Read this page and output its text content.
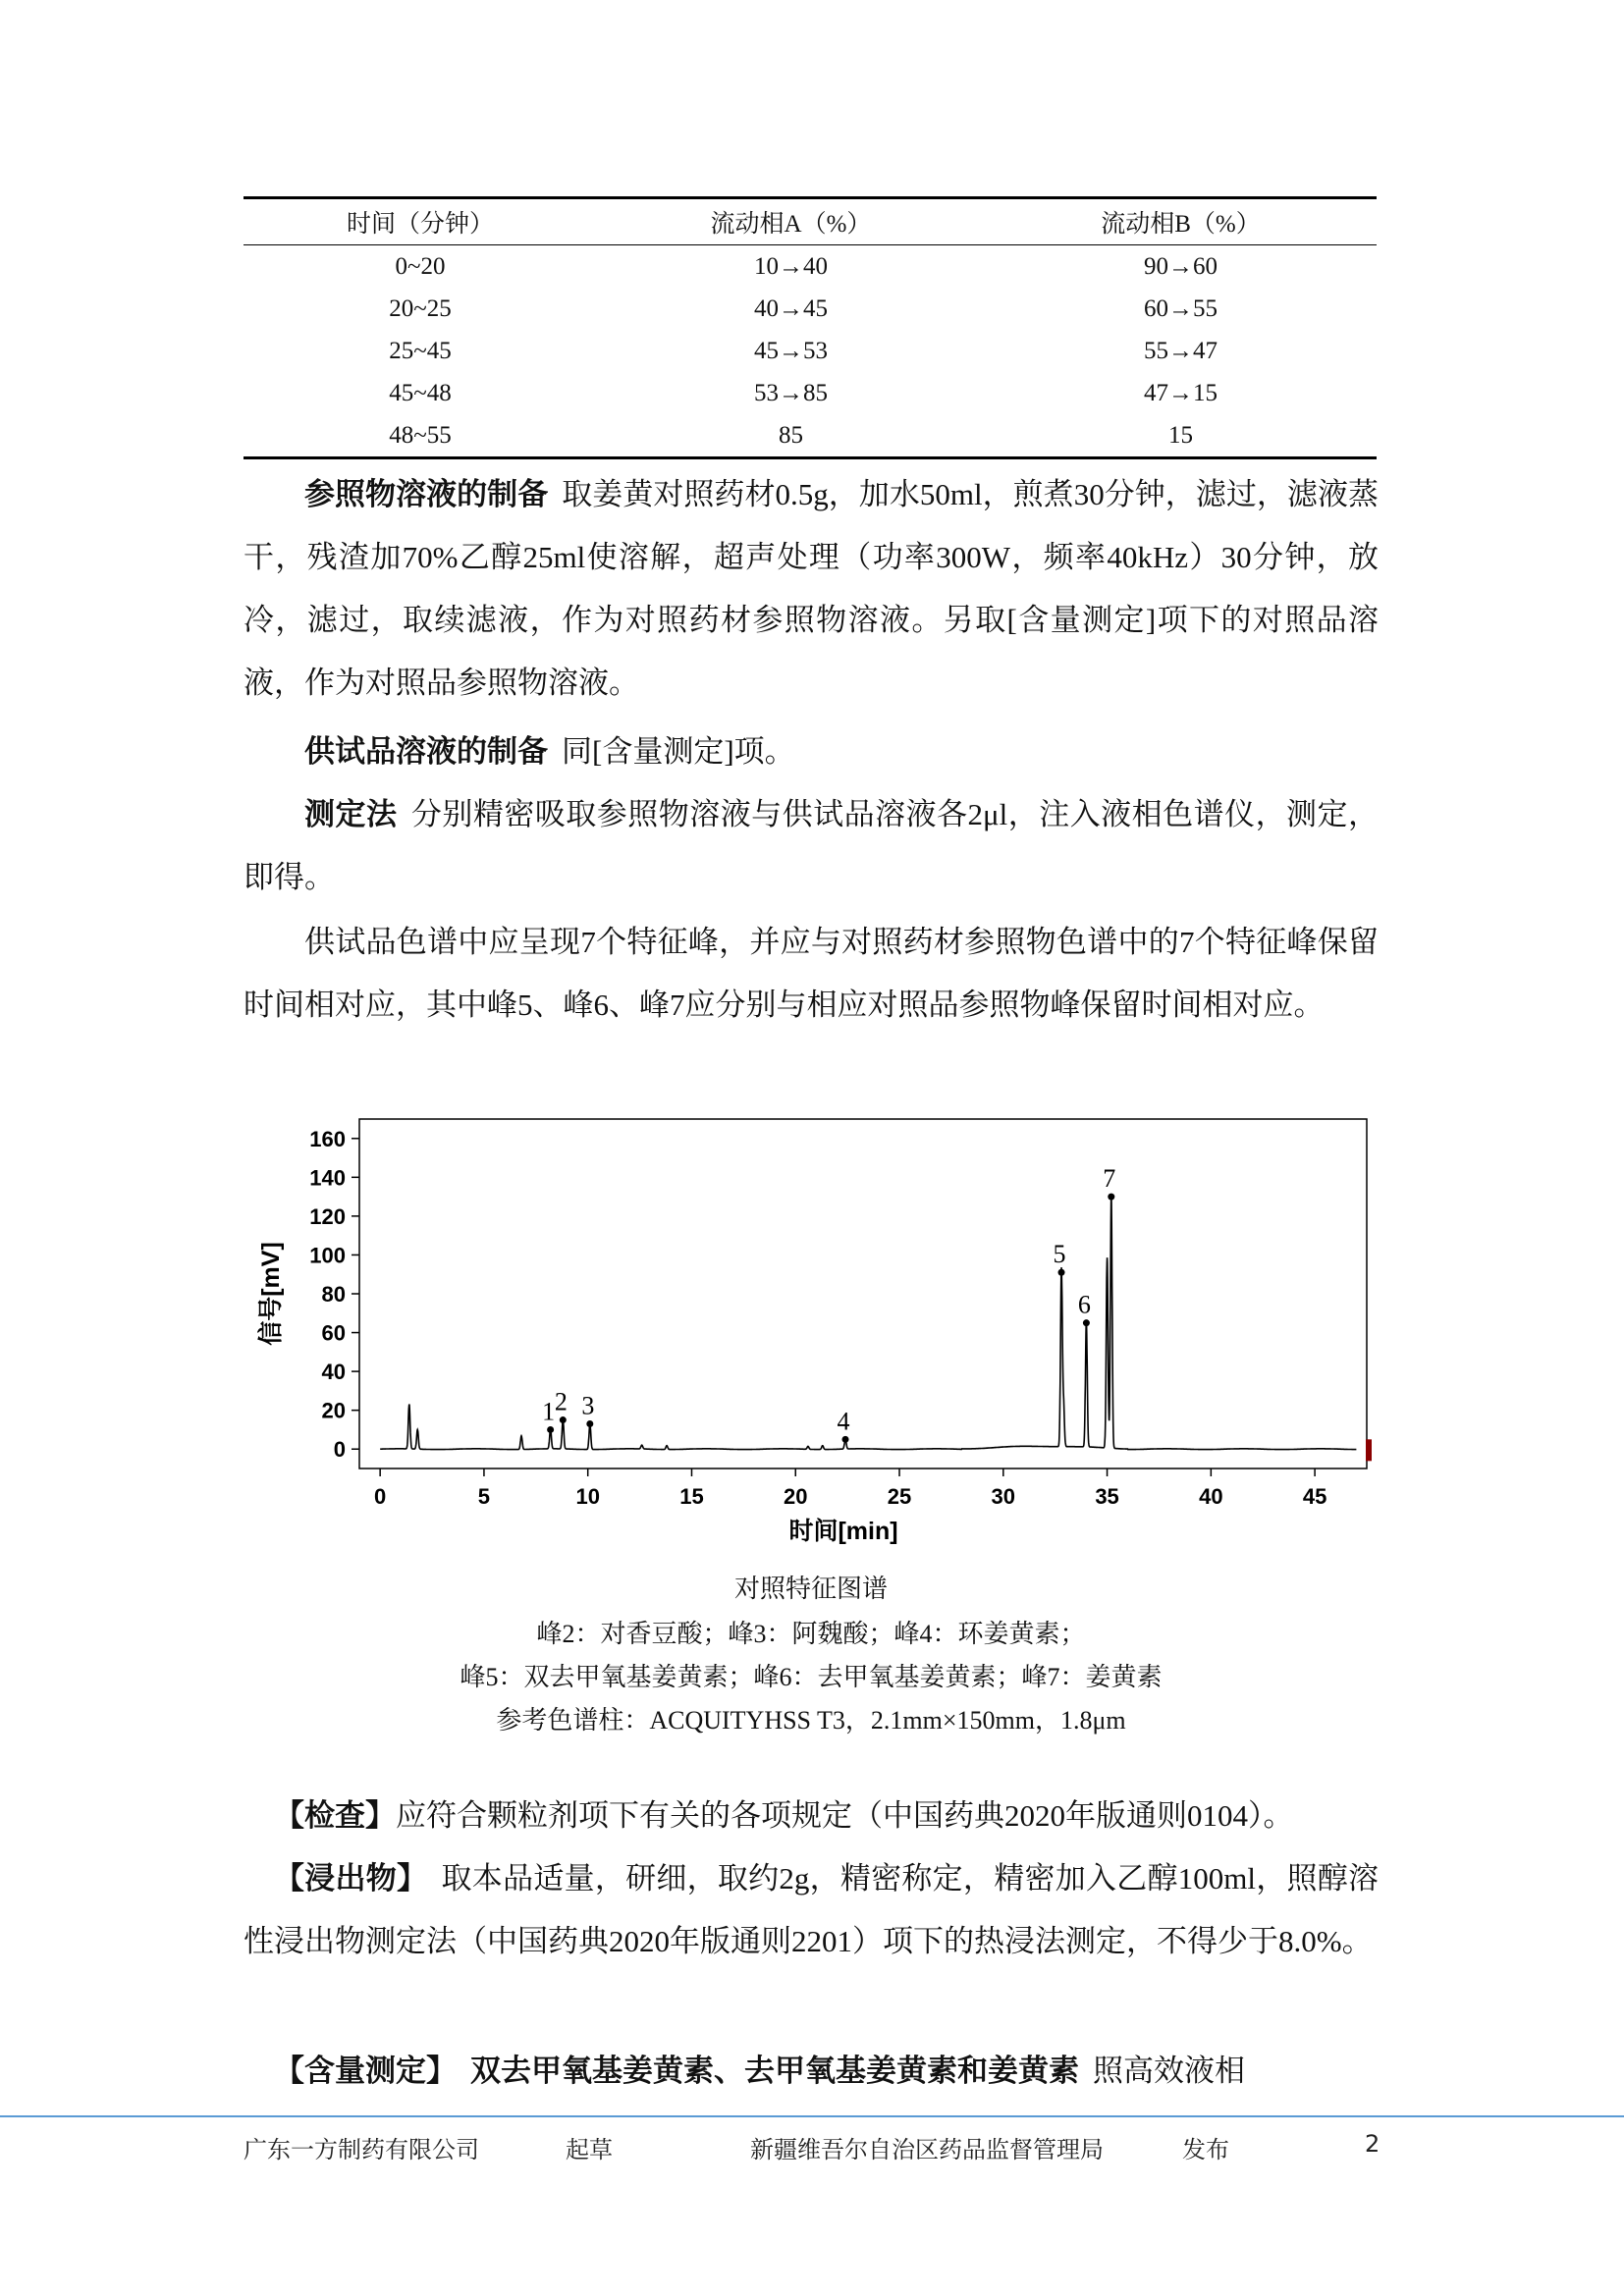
时间（分钟）	流动相A（%）	流动相B（%）
0~20	10→40	90→60
20~25	40→45	60→55
25~45	45→53	55→47
45~48	53→85	47→15
48~55	85	15
参照物溶液的制备 取姜黄对照药材0.5g，加水50ml，煎煮30分钟，滤过，滤液蒸干，残渣加70%乙醇25ml使溶解，超声处理（功率300W，频率40kHz）30分钟，放冷，滤过，取续滤液，作为对照药材参照物溶液。另取[含量测定]项下的对照品溶液，作为对照品参照物溶液。
供试品溶液的制备 同[含量测定]项。
测定法 分别精密吸取参照物溶液与供试品溶液各2μl，注入液相色谱仪，测定，即得。
供试品色谱中应呈现7个特征峰，并应与对照药材参照物色谱中的7个特征峰保留时间相对应，其中峰5、峰6、峰7应分别与相应对照品参照物峰保留时间相对应。
0
20
40
60
80
100
120
140
160
0	5	10	15	20	25	30	35	40	45
时间[min]
信号[mV]
1 2 3
4
5
6
7
对照特征图谱
峰2：对香豆酸；峰3：阿魏酸；峰4：环姜黄素；
峰5：双去甲氧基姜黄素；峰6：去甲氧基姜黄素；峰7：姜黄素
参考色谱柱：ACQUITYHSS T3，2.1mm×150mm，1.8μm
【检查】应符合颗粒剂项下有关的各项规定（中国药典2020年版通则0104）。
【浸出物】 取本品适量，研细，取约2g，精密称定，精密加入乙醇100ml，照醇溶性浸出物测定法（中国药典2020年版通则2201）项下的热浸法测定，不得少于8.0%。
【含量测定】 双去甲氧基姜黄素、去甲氧基姜黄素和姜黄素 照高效液相
广东一方制药有限公司	起草	新疆维吾尔自治区药品监督管理局	发布	2
